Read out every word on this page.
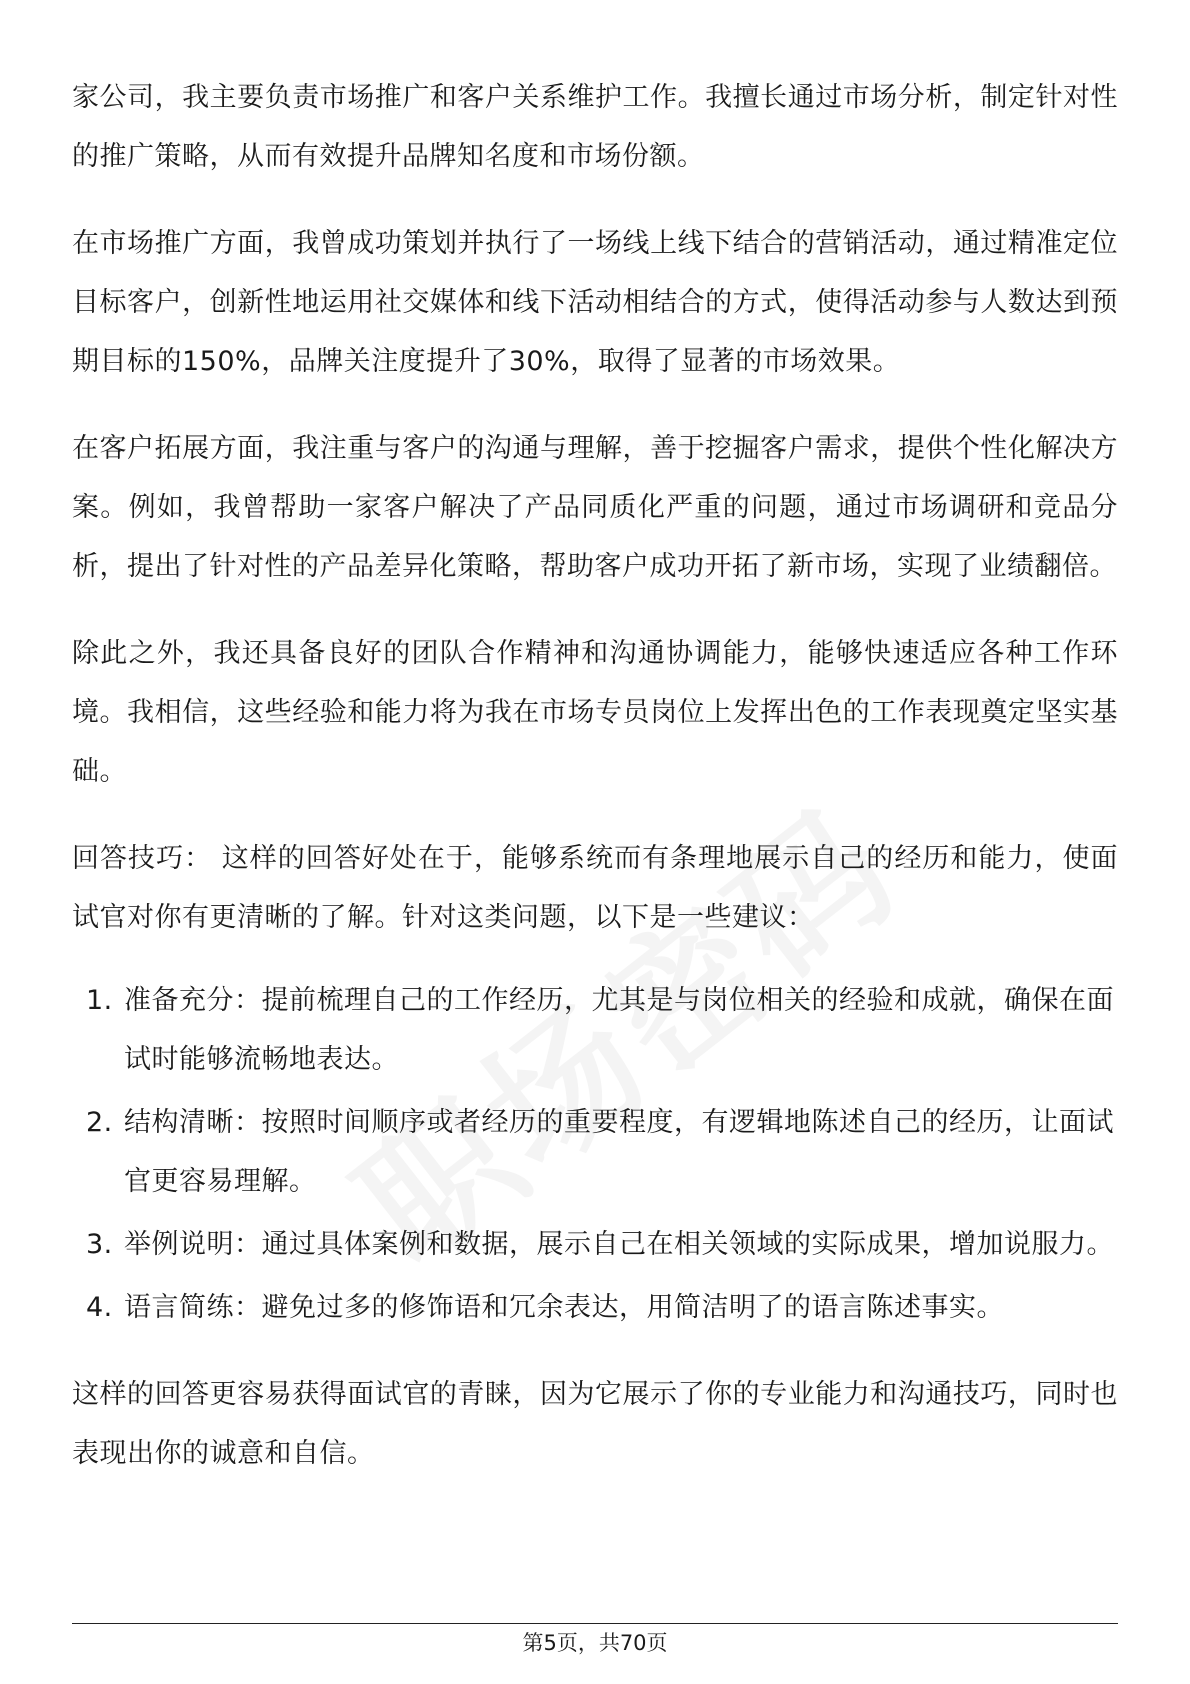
家公司，我主要负责市场推广和客户关系维护工作。我擅长通过市场分析，制定针对性的推广策略，从而有效提升品牌知名度和市场份额。

在市场推广方面，我曾成功策划并执行了一场线上线下结合的营销活动，通过精准定位目标客户，创新性地运用社交媒体和线下活动相结合的方式，使得活动参与人数达到预期目标的150%，品牌关注度提升了30%，取得了显著的市场效果。

在客户拓展方面，我注重与客户的沟通与理解，善于挖掘客户需求，提供个性化解决方案。例如，我曾帮助一家客户解决了产品同质化严重的问题，通过市场调研和竞品分析，提出了针对性的产品差异化策略，帮助客户成功开拓了新市场，实现了业绩翻倍。

除此之外，我还具备良好的团队合作精神和沟通协调能力，能够快速适应各种工作环境。我相信，这些经验和能力将为我在市场专员岗位上发挥出色的工作表现奠定坚实基础。

回答技巧： 这样的回答好处在于，能够系统而有条理地展示自己的经历和能力，使面试官对你有更清晰的了解。针对这类问题，以下是一些建议：

1. 准备充分：提前梳理自己的工作经历，尤其是与岗位相关的经验和成就，确保在面试时能够流畅地表达。
2. 结构清晰：按照时间顺序或者经历的重要程度，有逻辑地陈述自己的经历，让面试官更容易理解。
3. 举例说明：通过具体案例和数据，展示自己在相关领域的实际成果，增加说服力。
4. 语言简练：避免过多的修饰语和冗余表达，用简洁明了的语言陈述事实。

这样的回答更容易获得面试官的青睐，因为它展示了你的专业能力和沟通技巧，同时也表现出你的诚意和自信。

第5页，共70页
